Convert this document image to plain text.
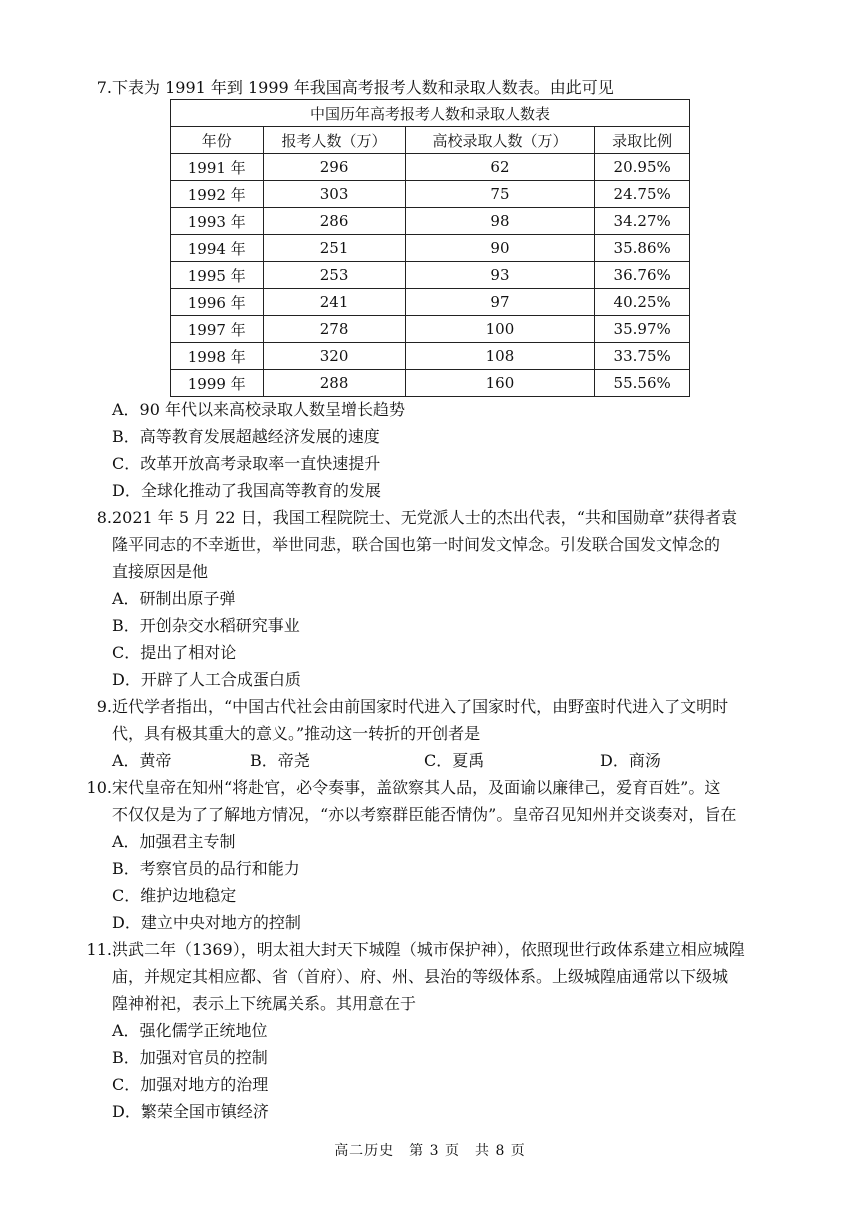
7. 下表为 1991 年到 1999 年我国高考报考人数和录取人数表。由此可见
中国历年高考报考人数和录取人数表			
年份	报考人数（万）	高校录取人数（万）	录取比例
1991 年	296	62	20.95%
1992 年	303	75	24.75%
1993 年	286	98	34.27%
1994 年	251	90	35.86%
1995 年	253	93	36.76%
1996 年	241	97	40.25%
1997 年	278	100	35.97%
1998 年	320	108	33.75%
1999 年	288	160	55.56%
A．90 年代以来高校录取人数呈增长趋势
B．高等教育发展超越经济发展的速度
C．改革开放高考录取率一直快速提升
D．全球化推动了我国高等教育的发展
8. 2021 年 5 月 22 日，我国工程院院士、无党派人士的杰出代表，“共和国勋章”获得者袁
隆平同志的不幸逝世，举世同悲，联合国也第一时间发文悼念。引发联合国发文悼念的
直接原因是他
A．研制出原子弹
B．开创杂交水稻研究事业
C．提出了相对论
D．开辟了人工合成蛋白质
9. 近代学者指出，“中国古代社会由前国家时代进入了国家时代，由野蛮时代进入了文明时
代，具有极其重大的意义。”推动这一转折的开创者是
A．黄帝	B．帝尧	C．夏禹	D．商汤
10. 宋代皇帝在知州“将赴官，必令奏事，盖欲察其人品，及面谕以廉律己，爱育百姓”。这
不仅仅是为了了解地方情况，“亦以考察群臣能否情伪”。皇帝召见知州并交谈奏对，旨在
A．加强君主专制
B．考察官员的品行和能力
C．维护边地稳定
D．建立中央对地方的控制
11. 洪武二年（1369），明太祖大封天下城隍（城市保护神），依照现世行政体系建立相应城隍
庙，并规定其相应都、省（首府）、府、州、县治的等级体系。上级城隍庙通常以下级城
隍神祔祀，表示上下统属关系。其用意在于
A．强化儒学正统地位
B．加强对官员的控制
C．加强对地方的治理
D．繁荣全国市镇经济
高二历史　第 3 页　共 8 页
